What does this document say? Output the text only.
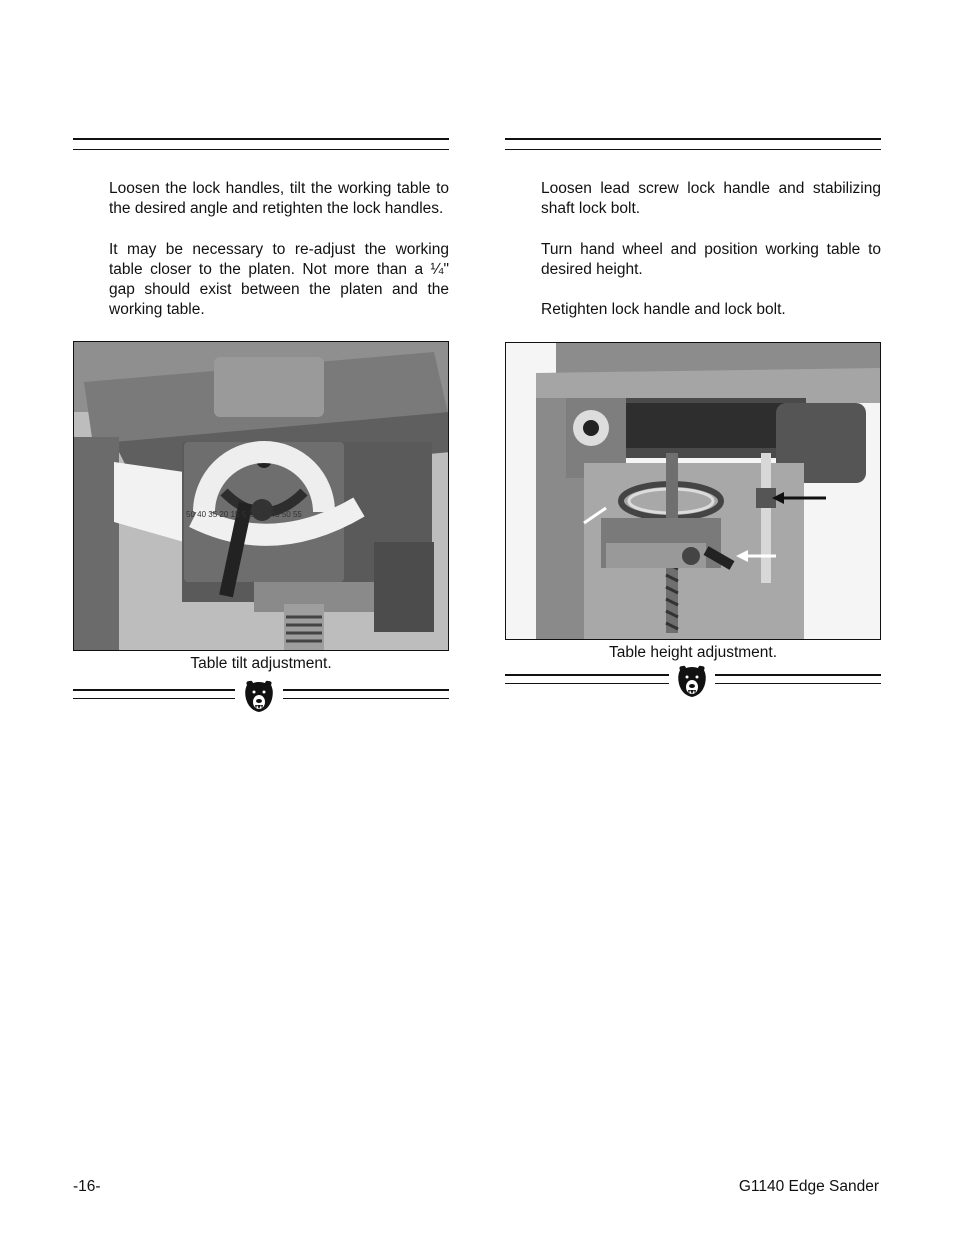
Loosen the lock handles, tilt the working table to the desired angle and retighten the lock handles.

It may be necessary to re-adjust the working table closer to the platen. Not more than a ¼" gap should exist between the platen and the working table.

50 40 35 20 15 5 25 30 45 50 55
Table tilt adjustment.

Loosen lead screw lock handle and stabilizing shaft lock bolt.

Turn hand wheel and position working table to desired height.

Retighten lock handle and lock bolt.

Table height adjustment.
-16-	G1140 Edge Sander
